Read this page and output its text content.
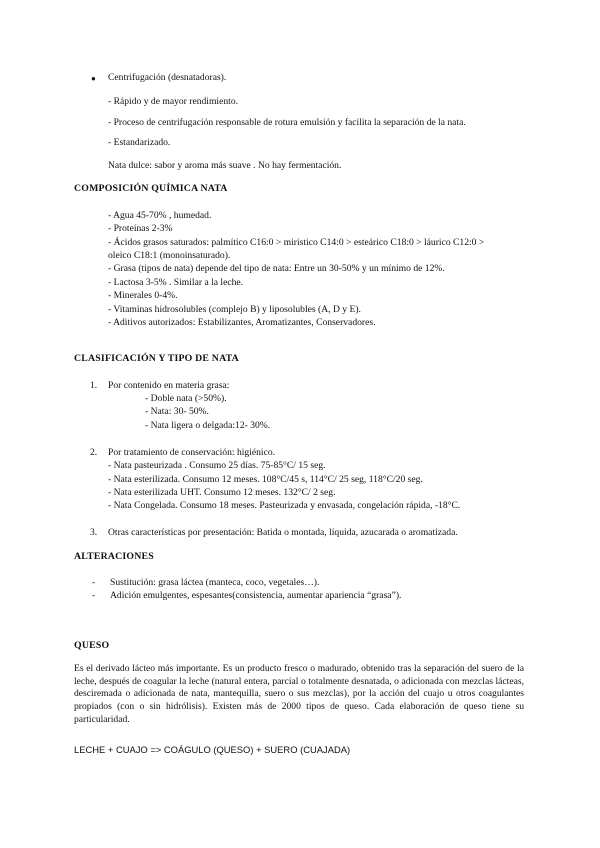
● Centrifugación (desnatadoras).
- Rápido y de mayor rendimiento.
- Proceso de centrifugación responsable de rotura emulsión y facilita la separación de la nata.
- Estandarizado.
Nata dulce: sabor y aroma más suave . No hay fermentación.
COMPOSICIÓN QUÍMICA NATA
- Agua 45-70% , humedad.
- Proteínas 2-3%
- Ácidos grasos saturados: palmítico C16:0 > mirístico C14:0 > esteárico C18:0 > láurico C12:0 >
oleico C18:1 (monoinsaturado).
- Grasa (tipos de nata) depende del tipo de nata: Entre un 30-50% y un mínimo de 12%.
- Lactosa 3-5% . Similar a la leche.
- Minerales 0-4%.
- Vitaminas hidrosolubles (complejo B) y liposolubles (A, D y E).
- Aditivos autorizados: Estabilizantes, Aromatizantes, Conservadores.
CLASIFICACIÓN Y TIPO DE NATA
1. Por contenido en materia grasa:
- Doble nata (>50%).
- Nata: 30- 50%.
- Nata ligera o delgada:12- 30%.
2. Por tratamiento de conservación: higiénico.
- Nata pasteurizada . Consumo 25 días. 75-85°C/ 15 seg.
- Nata esterilizada. Consumo 12 meses. 108°C/45 s, 114°C/ 25 seg, 118°C/20 seg.
- Nata esterilizada UHT. Consumo 12 meses. 132°C/ 2 seg.
- Nata Congelada. Consumo 18 meses. Pasteurizada y envasada, congelación rápida, -18°C.
3. Otras características por presentación: Batida o montada, líquida, azucarada o aromatizada.
ALTERACIONES
- Sustitución: grasa láctea (manteca, coco, vegetales…).
- Adición emulgentes, espesantes(consistencia, aumentar apariencia “grasa”).
QUESO
Es el derivado lácteo más importante. Es un producto fresco o madurado, obtenido tras la separación del suero de la leche, después de coagular la leche (natural entera, parcial o totalmente desnatada, o adicionada con mezclas lácteas, desciremada o adicionada de nata, mantequilla, suero o sus mezclas), por la acción del cuajo u otros coagulantes propiados (con o sin hidrólisis). Existen más de 2000 tipos de queso. Cada elaboración de queso tiene su particularidad.
LECHE + CUAJO => COÁGULO (QUESO) + SUERO (CUAJADA)
